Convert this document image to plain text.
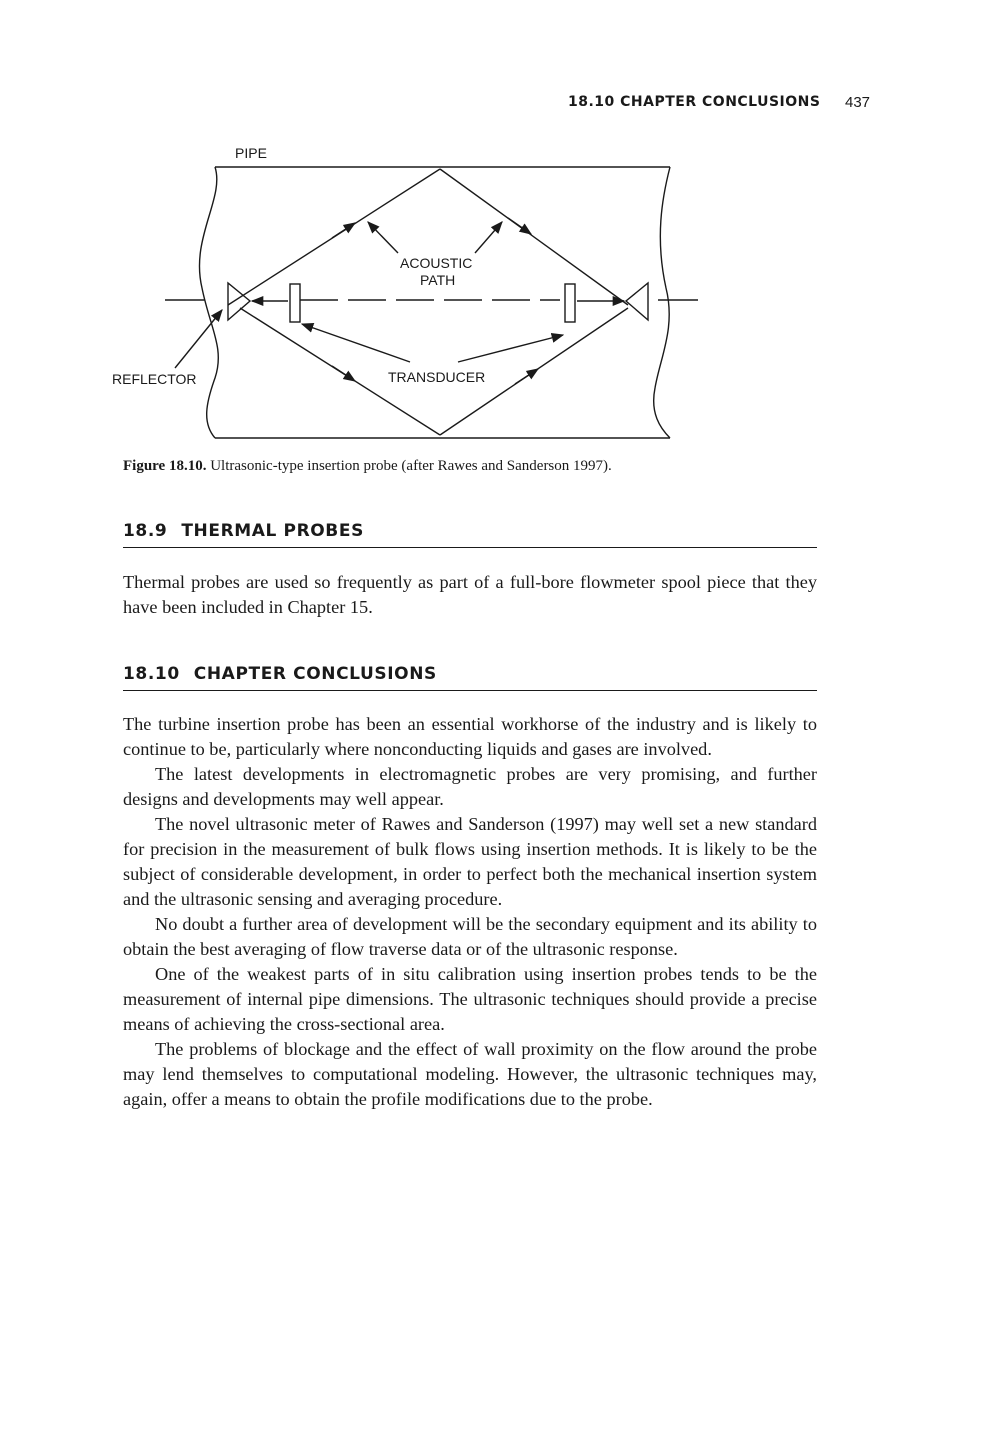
18.10 CHAPTER CONCLUSIONS 437
PIPE
ACOUSTIC
PATH
REFLECTOR	TRANSDUCER
Figure 18.10. Ultrasonic-type insertion probe (after Rawes and Sanderson 1997).
18.9 THERMAL PROBES

Thermal probes are used so frequently as part of a full-bore flowmeter spool piece that they have been included in Chapter 15.

18.10 CHAPTER CONCLUSIONS

The turbine insertion probe has been an essential workhorse of the industry and is likely to continue to be, particularly where nonconducting liquids and gases are involved.

The latest developments in electromagnetic probes are very promising, and further designs and developments may well appear.

The novel ultrasonic meter of Rawes and Sanderson (1997) may well set a new standard for precision in the measurement of bulk flows using insertion methods. It is likely to be the subject of considerable development, in order to perfect both the mechanical insertion system and the ultrasonic sensing and averaging procedure.

No doubt a further area of development will be the secondary equipment and its ability to obtain the best averaging of flow traverse data or of the ultrasonic response.

One of the weakest parts of in situ calibration using insertion probes tends to be the measurement of internal pipe dimensions. The ultrasonic techniques should provide a precise means of achieving the cross-sectional area.

The problems of blockage and the effect of wall proximity on the flow around the probe may lend themselves to computational modeling. However, the ultrasonic techniques may, again, offer a means to obtain the profile modifications due to the probe.
